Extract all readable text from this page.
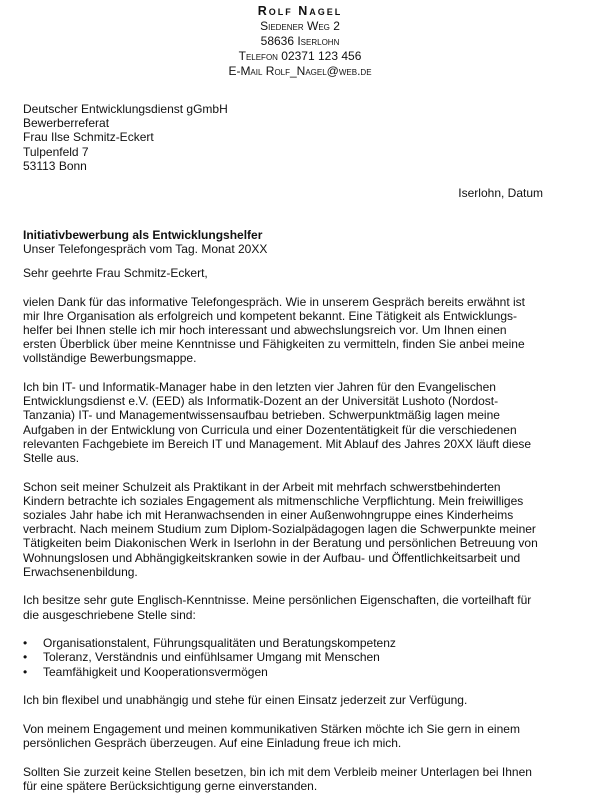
Rolf Nagel
Siedener Weg 2
58636 Iserlohn
Telefon 02371 123 456
E-Mail Rolf_Nagel@web.de
Deutscher Entwicklungsdienst gGmbH
Bewerberreferat
Frau Ilse Schmitz-Eckert
Tulpenfeld 7
53113 Bonn
Iserlohn, Datum
Initiativbewerbung als Entwicklungshelfer
Unser Telefongespräch vom Tag. Monat 20XX

Sehr geehrte Frau Schmitz-Eckert,

vielen Dank für das informative Telefongespräch. Wie in unserem Gespräch bereits erwähnt ist
mir Ihre Organisation als erfolgreich und kompetent bekannt. Eine Tätigkeit als Entwicklungs-
helfer bei Ihnen stelle ich mir hoch interessant und abwechslungsreich vor. Um Ihnen einen
ersten Überblick über meine Kenntnisse und Fähigkeiten zu vermitteln, finden Sie anbei meine
vollständige Bewerbungsmappe.

Ich bin IT- und Informatik-Manager habe in den letzten vier Jahren für den Evangelischen
Entwicklungsdienst e.V. (EED) als Informatik-Dozent an der Universität Lushoto (Nordost-
Tanzania) IT- und Managementwissensaufbau betrieben. Schwerpunktmäßig lagen meine
Aufgaben in der Entwicklung von Curricula und einer Dozententätigkeit für die verschiedenen
relevanten Fachgebiete im Bereich IT und Management. Mit Ablauf des Jahres 20XX läuft diese
Stelle aus.

Schon seit meiner Schulzeit als Praktikant in der Arbeit mit mehrfach schwerstbehinderten
Kindern betrachte ich soziales Engagement als mitmenschliche Verpflichtung. Mein freiwilliges
soziales Jahr habe ich mit Heranwachsenden in einer Außenwohngruppe eines Kinderheims
verbracht. Nach meinem Studium zum Diplom-Sozialpädagogen lagen die Schwerpunkte meiner
Tätigkeiten beim Diakonischen Werk in Iserlohn in der Beratung und persönlichen Betreuung von
Wohnungslosen und Abhängigkeitskranken sowie in der Aufbau- und Öffentlichkeitsarbeit und
Erwachsenenbildung.

Ich besitze sehr gute Englisch-Kenntnisse. Meine persönlichen Eigenschaften, die vorteilhaft für
die ausgeschriebene Stelle sind:

• Organisationstalent, Führungsqualitäten und Beratungskompetenz
• Toleranz, Verständnis und einfühlsamer Umgang mit Menschen
• Teamfähigkeit und Kooperationsvermögen

Ich bin flexibel und unabhängig und stehe für einen Einsatz jederzeit zur Verfügung.

Von meinem Engagement und meinen kommunikativen Stärken möchte ich Sie gern in einem
persönlichen Gespräch überzeugen. Auf eine Einladung freue ich mich.

Sollten Sie zurzeit keine Stellen besetzen, bin ich mit dem Verbleib meiner Unterlagen bei Ihnen
für eine spätere Berücksichtigung gerne einverstanden.
